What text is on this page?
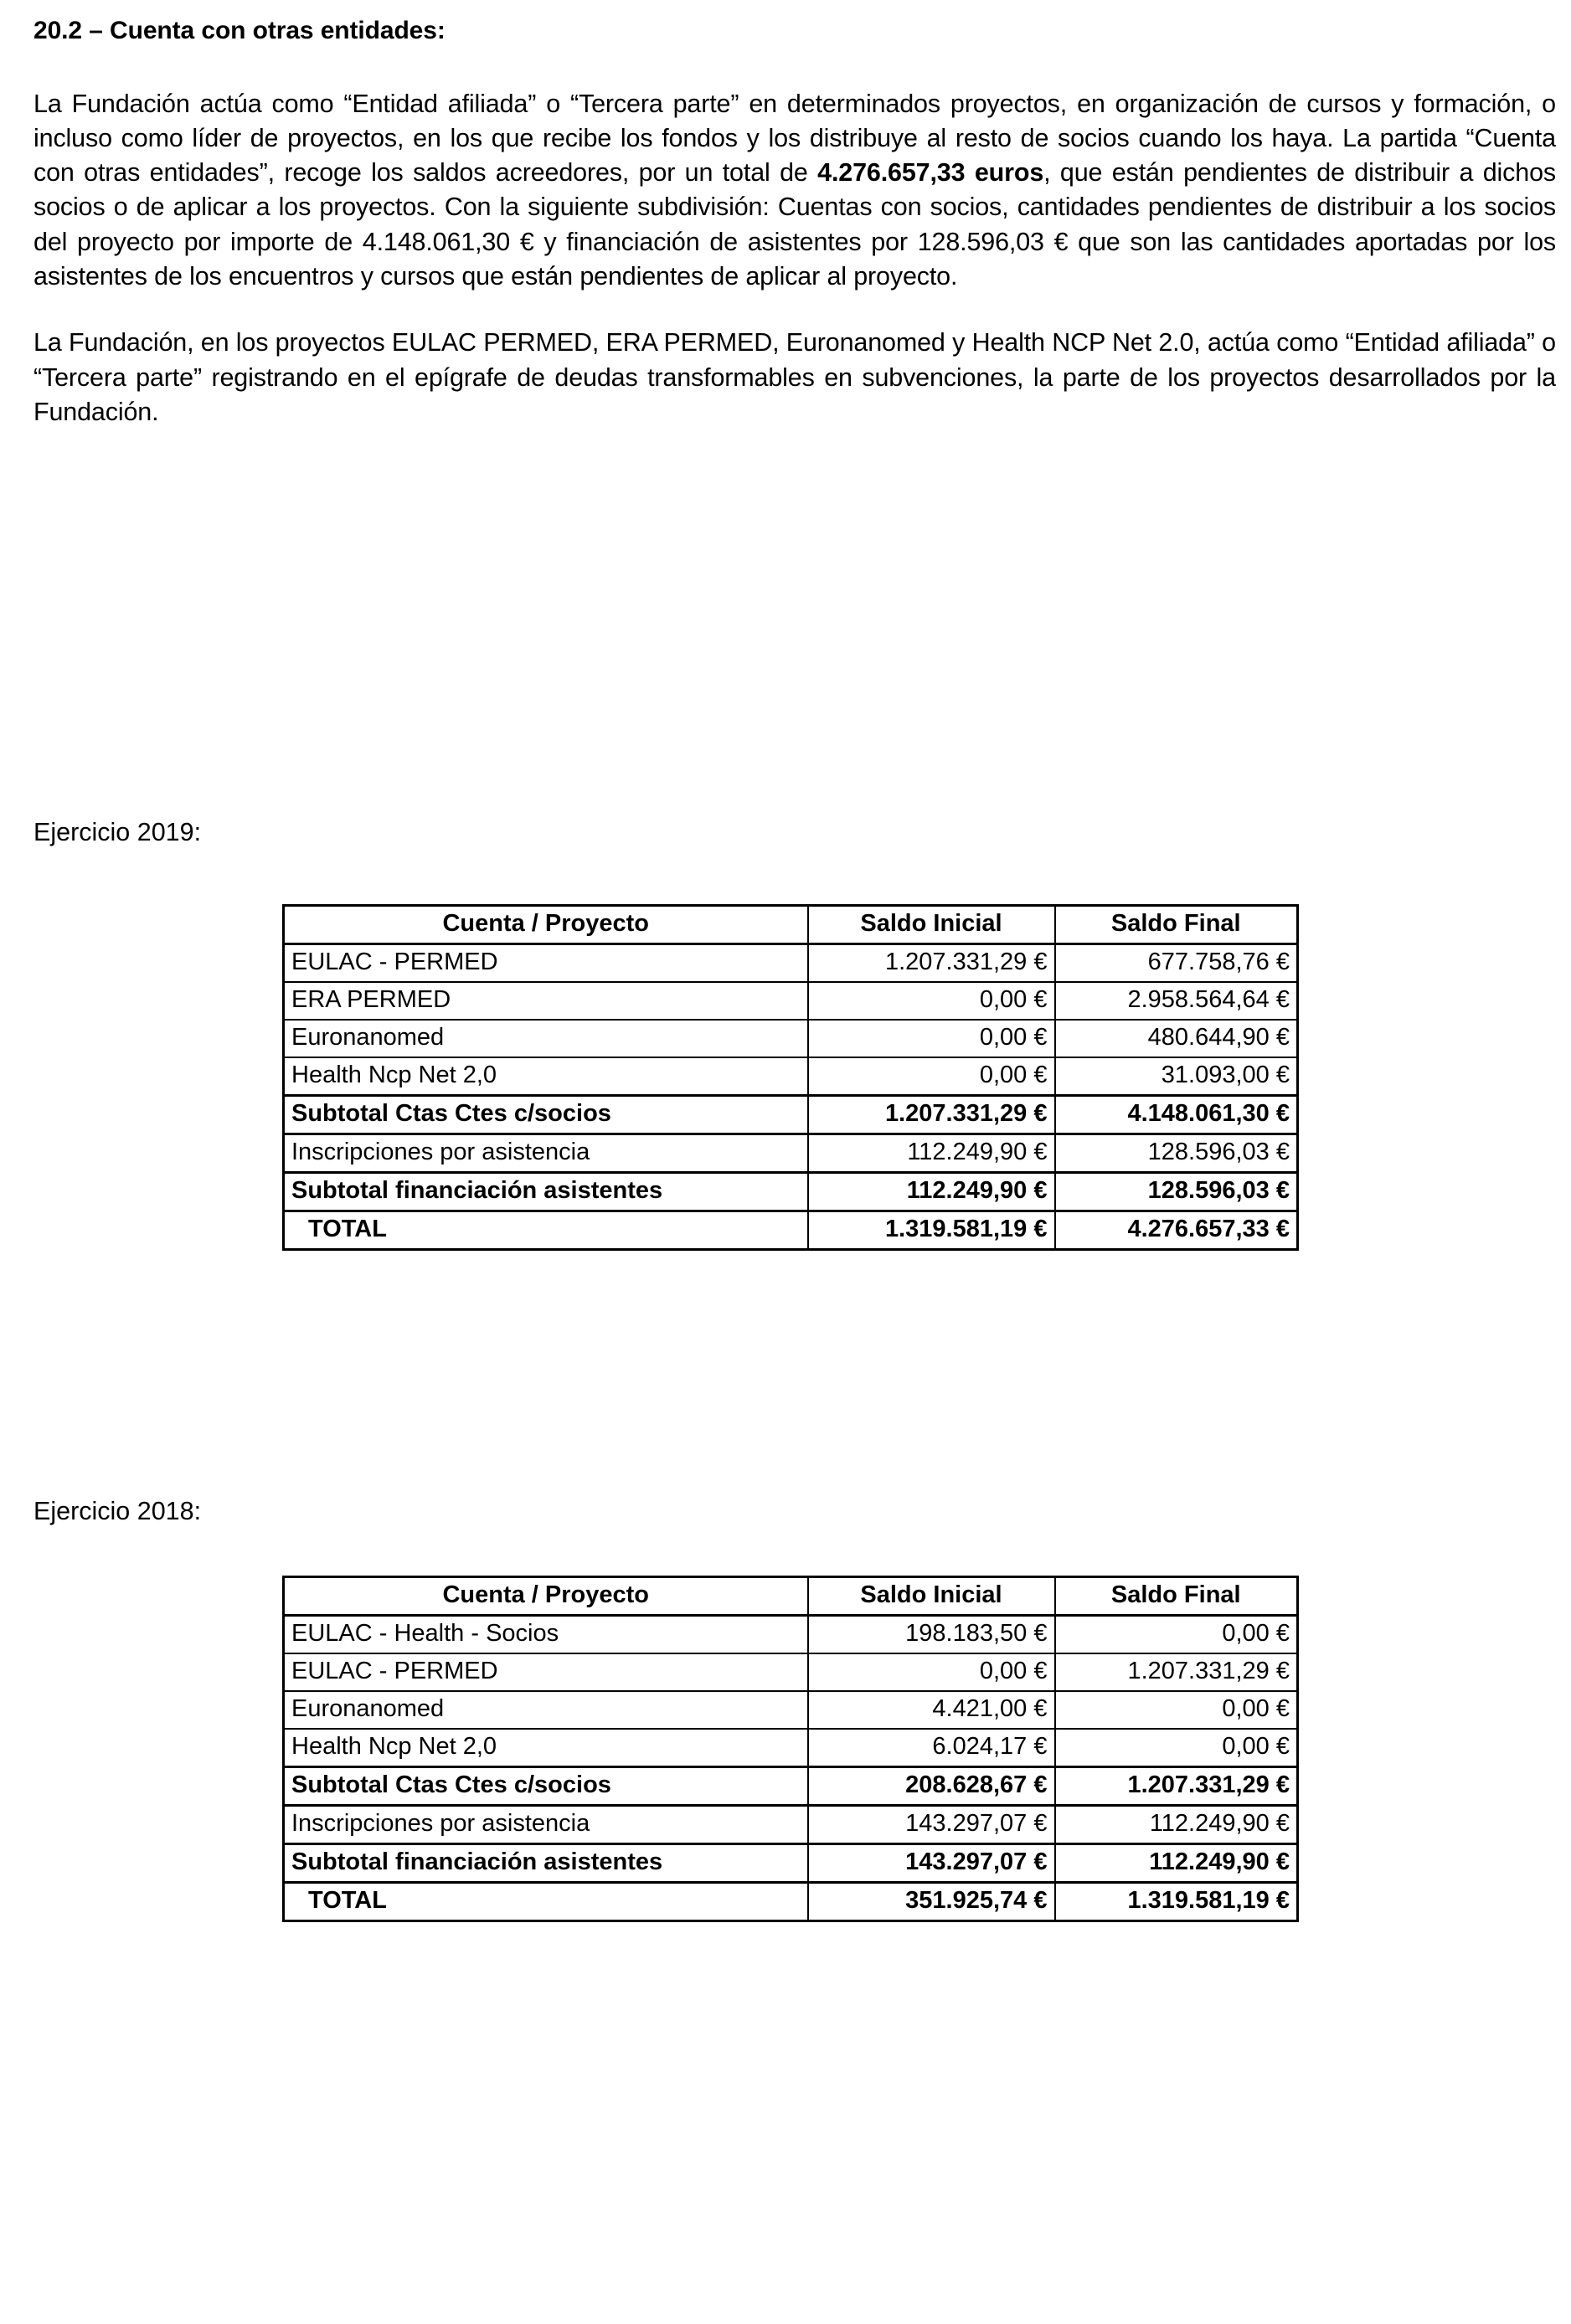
20.2 – Cuenta con otras entidades:

La Fundación actúa como “Entidad afiliada” o “Tercera parte” en determinados proyectos, en organización de cursos y formación, o incluso como líder de proyectos, en los que recibe los fondos y los distribuye al resto de socios cuando los haya. La partida “Cuenta con otras entidades”, recoge los saldos acreedores, por un total de 4.276.657,33 euros, que están pendientes de distribuir a dichos socios o de aplicar a los proyectos. Con la siguiente subdivisión: Cuentas con socios, cantidades pendientes de distribuir a los socios del proyecto por importe de 4.148.061,30 € y financiación de asistentes por 128.596,03 € que son las cantidades aportadas por los asistentes de los encuentros y cursos que están pendientes de aplicar al proyecto.

La Fundación, en los proyectos EULAC PERMED, ERA PERMED, Euronanomed y Health NCP Net 2.0, actúa como “Entidad afiliada” o “Tercera parte” registrando en el epígrafe de deudas transformables en subvenciones, la parte de los proyectos desarrollados por la Fundación.

Ejercicio 2019:
Cuenta / Proyecto	Saldo Inicial	Saldo Final
EULAC - PERMED	1.207.331,29 €	677.758,76 €
ERA PERMED	0,00 €	2.958.564,64 €
Euronanomed	0,00 €	480.644,90 €
Health Ncp Net 2,0	0,00 €	31.093,00 €
Subtotal Ctas Ctes c/socios	1.207.331,29 €	4.148.061,30 €
Inscripciones por asistencia	112.249,90 €	128.596,03 €
Subtotal financiación asistentes	112.249,90 €	128.596,03 €
TOTAL	1.319.581,19 €	4.276.657,33 €
Ejercicio 2018:
Cuenta / Proyecto	Saldo Inicial	Saldo Final
EULAC - Health - Socios	198.183,50 €	0,00 €
EULAC - PERMED	0,00 €	1.207.331,29 €
Euronanomed	4.421,00 €	0,00 €
Health Ncp Net 2,0	6.024,17 €	0,00 €
Subtotal Ctas Ctes c/socios	208.628,67 €	1.207.331,29 €
Inscripciones por asistencia	143.297,07 €	112.249,90 €
Subtotal financiación asistentes	143.297,07 €	112.249,90 €
TOTAL	351.925,74 €	1.319.581,19 €
